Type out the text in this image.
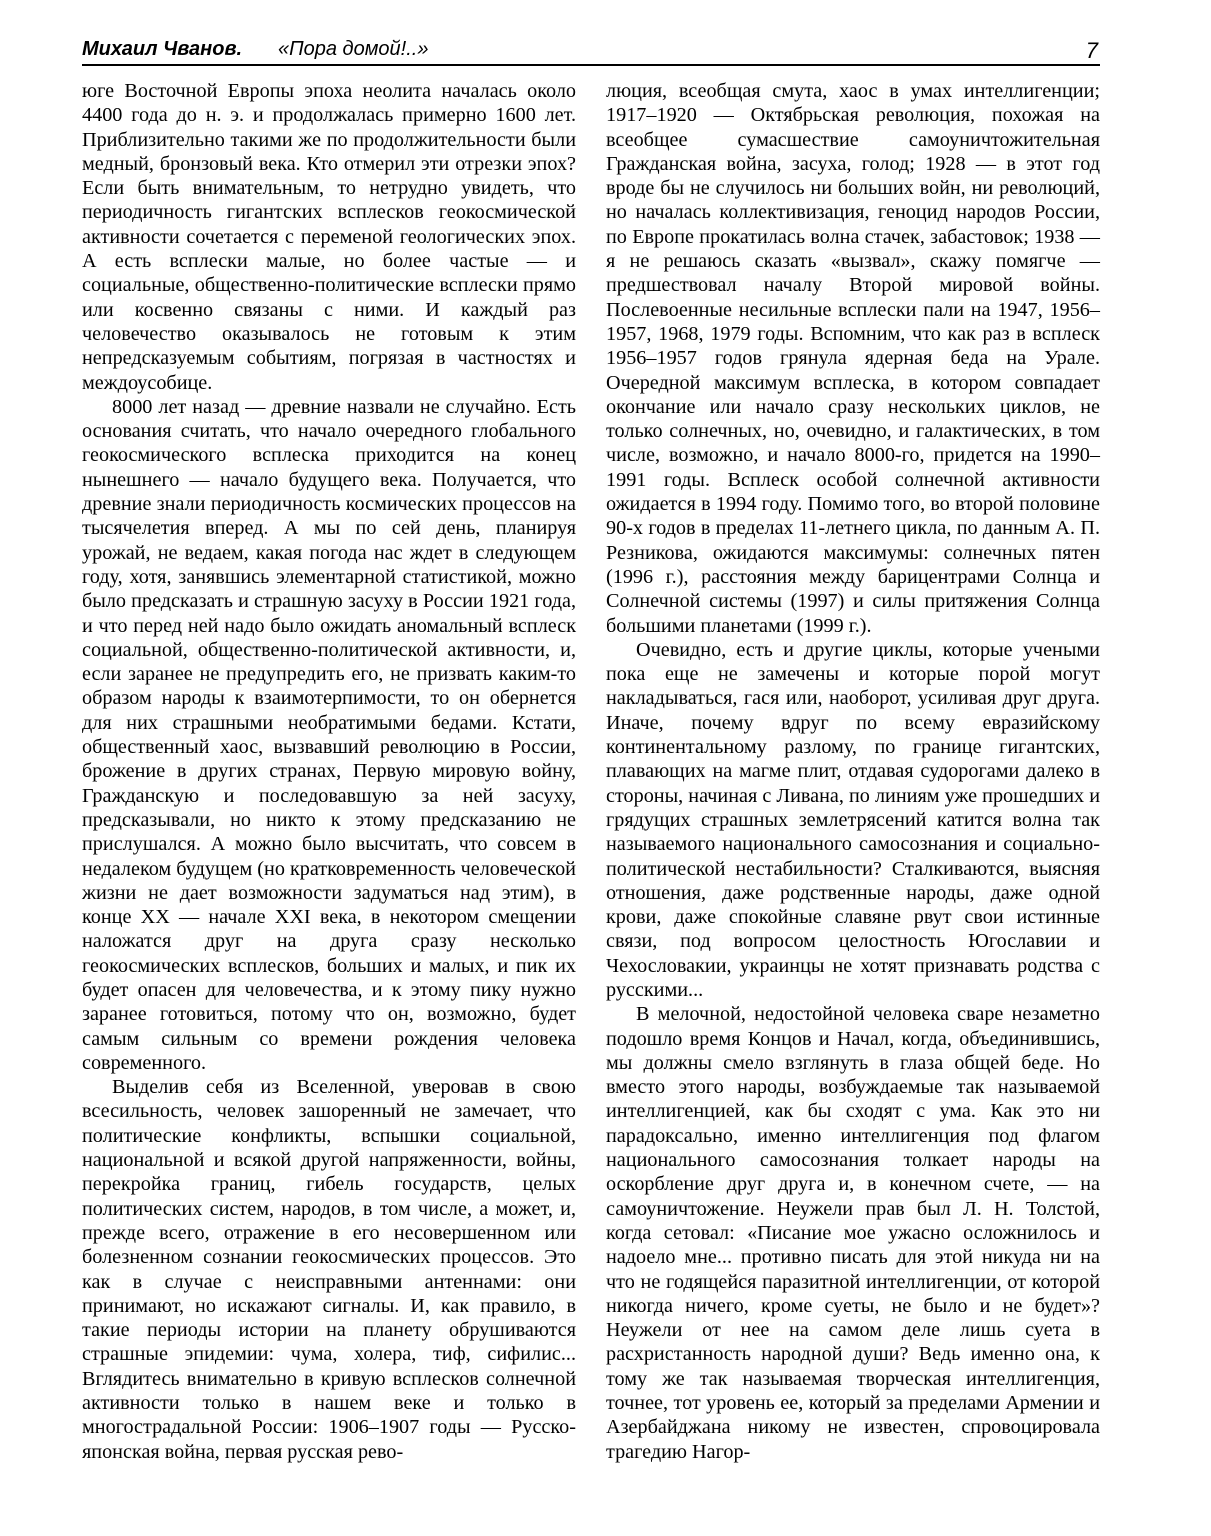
Михаил Чванов. «Пора домой!..»	7

юге Восточной Европы эпоха неолита началась около 4400 года до н. э. и продолжалась примерно 1600 лет. Приблизительно такими же по продолжительности были медный, бронзовый века. Кто отмерил эти отрезки эпох? Если быть внимательным, то нетрудно увидеть, что периодичность гигантских всплесков геокосмической активности сочетается с переменой геологических эпох. А есть всплески малые, но более частые — и социальные, общественно-политические всплески прямо или косвенно связаны с ними. И каждый раз человечество оказывалось не готовым к этим непредсказуемым событиям, погрязая в частностях и междоусобице.

8000 лет назад — древние назвали не случайно. Есть основания считать, что начало очередного глобального геокосмического всплеска приходится на конец нынешнего — начало будущего века. Получается, что древние знали периодичность космических процессов на тысячелетия вперед. А мы по сей день, планируя урожай, не ведаем, какая погода нас ждет в следующем году, хотя, занявшись элементарной статистикой, можно было предсказать и страшную засуху в России 1921 года, и что перед ней надо было ожидать аномальный всплеск социальной, общественно-политической активности, и, если заранее не предупредить его, не призвать каким-то образом народы к взаимотерпимости, то он обернется для них страшными необратимыми бедами. Кстати, общественный хаос, вызвавший революцию в России, брожение в других странах, Первую мировую войну, Гражданскую и последовавшую за ней засуху, предсказывали, но никто к этому предсказанию не прислушался. А можно было высчитать, что совсем в недалеком будущем (но кратковременность человеческой жизни не дает возможности задуматься над этим), в конце XX — начале XXI века, в некотором смещении наложатся друг на друга сразу несколько геокосмических всплесков, больших и малых, и пик их будет опасен для человечества, и к этому пику нужно заранее готовиться, потому что он, возможно, будет самым сильным со времени рождения человека современного.

Выделив себя из Вселенной, уверовав в свою всесильность, человек зашоренный не замечает, что политические конфликты, вспышки социальной, национальной и всякой другой напряженности, войны, перекройка границ, гибель государств, целых политических систем, народов, в том числе, а может, и, прежде всего, отражение в его несовершенном или болезненном сознании геокосмических процессов. Это как в случае с неисправными антеннами: они принимают, но искажают сигналы. И, как правило, в такие периоды истории на планету обрушиваются страшные эпидемии: чума, холера, тиф, сифилис... Вглядитесь внимательно в кривую всплесков солнечной активности только в нашем веке и только в многострадальной России: 1906–1907 годы — Русско-японская война, первая русская рево-

люция, всеобщая смута, хаос в умах интеллигенции; 1917–1920 — Октябрьская революция, похожая на всеобщее сумасшествие самоуничтожительная Гражданская война, засуха, голод; 1928 — в этот год вроде бы не случилось ни больших войн, ни революций, но началась коллективизация, геноцид народов России, по Европе прокатилась волна стачек, забастовок; 1938 — я не решаюсь сказать «вызвал», скажу помягче — предшествовал началу Второй мировой войны. Послевоенные несильные всплески пали на 1947, 1956–1957, 1968, 1979 годы. Вспомним, что как раз в всплеск 1956–1957 годов грянула ядерная беда на Урале. Очередной максимум всплеска, в котором совпадает окончание или начало сразу нескольких циклов, не только солнечных, но, очевидно, и галактических, в том числе, возможно, и начало 8000-го, придется на 1990–1991 годы. Всплеск особой солнечной активности ожидается в 1994 году. Помимо того, во второй половине 90-х годов в пределах 11-летнего цикла, по данным А. П. Резникова, ожидаются максимумы: солнечных пятен (1996 г.), расстояния между барицентрами Солнца и Солнечной системы (1997) и силы притяжения Солнца большими планетами (1999 г.).

Очевидно, есть и другие циклы, которые учеными пока еще не замечены и которые порой могут накладываться, гася или, наоборот, усиливая друг друга. Иначе, почему вдруг по всему евразийскому континентальному разлому, по границе гигантских, плавающих на магме плит, отдавая судорогами далеко в стороны, начиная с Ливана, по линиям уже прошедших и грядущих страшных землетрясений катится волна так называемого национального самосознания и социально-политической нестабильности? Сталкиваются, выясняя отношения, даже родственные народы, даже одной крови, даже спокойные славяне рвут свои истинные связи, под вопросом целостность Югославии и Чехословакии, украинцы не хотят признавать родства с русскими...

В мелочной, недостойной человека сваре незаметно подошло время Концов и Начал, когда, объединившись, мы должны смело взглянуть в глаза общей беде. Но вместо этого народы, возбуждаемые так называемой интеллигенцией, как бы сходят с ума. Как это ни парадоксально, именно интеллигенция под флагом национального самосознания толкает народы на оскорбление друг друга и, в конечном счете, — на самоуничтожение. Неужели прав был Л. Н. Толстой, когда сетовал: «Писание мое ужасно осложнилось и надоело мне... противно писать для этой никуда ни на что не годящейся паразитной интеллигенции, от которой никогда ничего, кроме суеты, не было и не будет»? Неужели от нее на самом деле лишь суета в расхристанность народной души? Ведь именно она, к тому же так называемая творческая интеллигенция, точнее, тот уровень ее, который за пределами Армении и Азербайджана никому не известен, спровоцировала трагедию Нагор-
